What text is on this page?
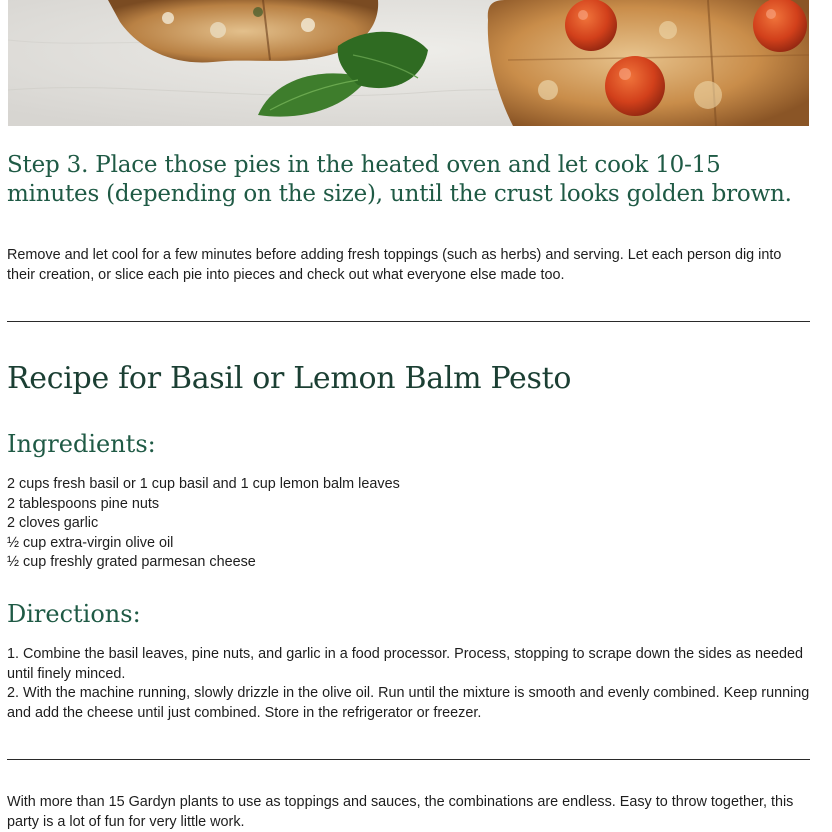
Step 3. Place those pies in the heated oven and let cook 10-15 minutes (depending on the size), until the crust looks golden brown.

Remove and let cool for a few minutes before adding fresh toppings (such as herbs) and serving. Let each person dig into their creation, or slice each pie into pieces and check out what everyone else made too.

Recipe for Basil or Lemon Balm Pesto
Ingredients:
2 cups fresh basil or 1 cup basil and 1 cup lemon balm leaves
2 tablespoons pine nuts
2 cloves garlic
½ cup extra-virgin olive oil
½ cup freshly grated parmesan cheese
Directions:
1. Combine the basil leaves, pine nuts, and garlic in a food processor. Process, stopping to scrape down the sides as needed until finely minced.
2. With the machine running, slowly drizzle in the olive oil. Run until the mixture is smooth and evenly combined. Keep running and add the cheese until just combined. Store in the refrigerator or freezer.

With more than 15 Gardyn plants to use as toppings and sauces, the combinations are endless. Easy to throw together, this party is a lot of fun for very little work.
